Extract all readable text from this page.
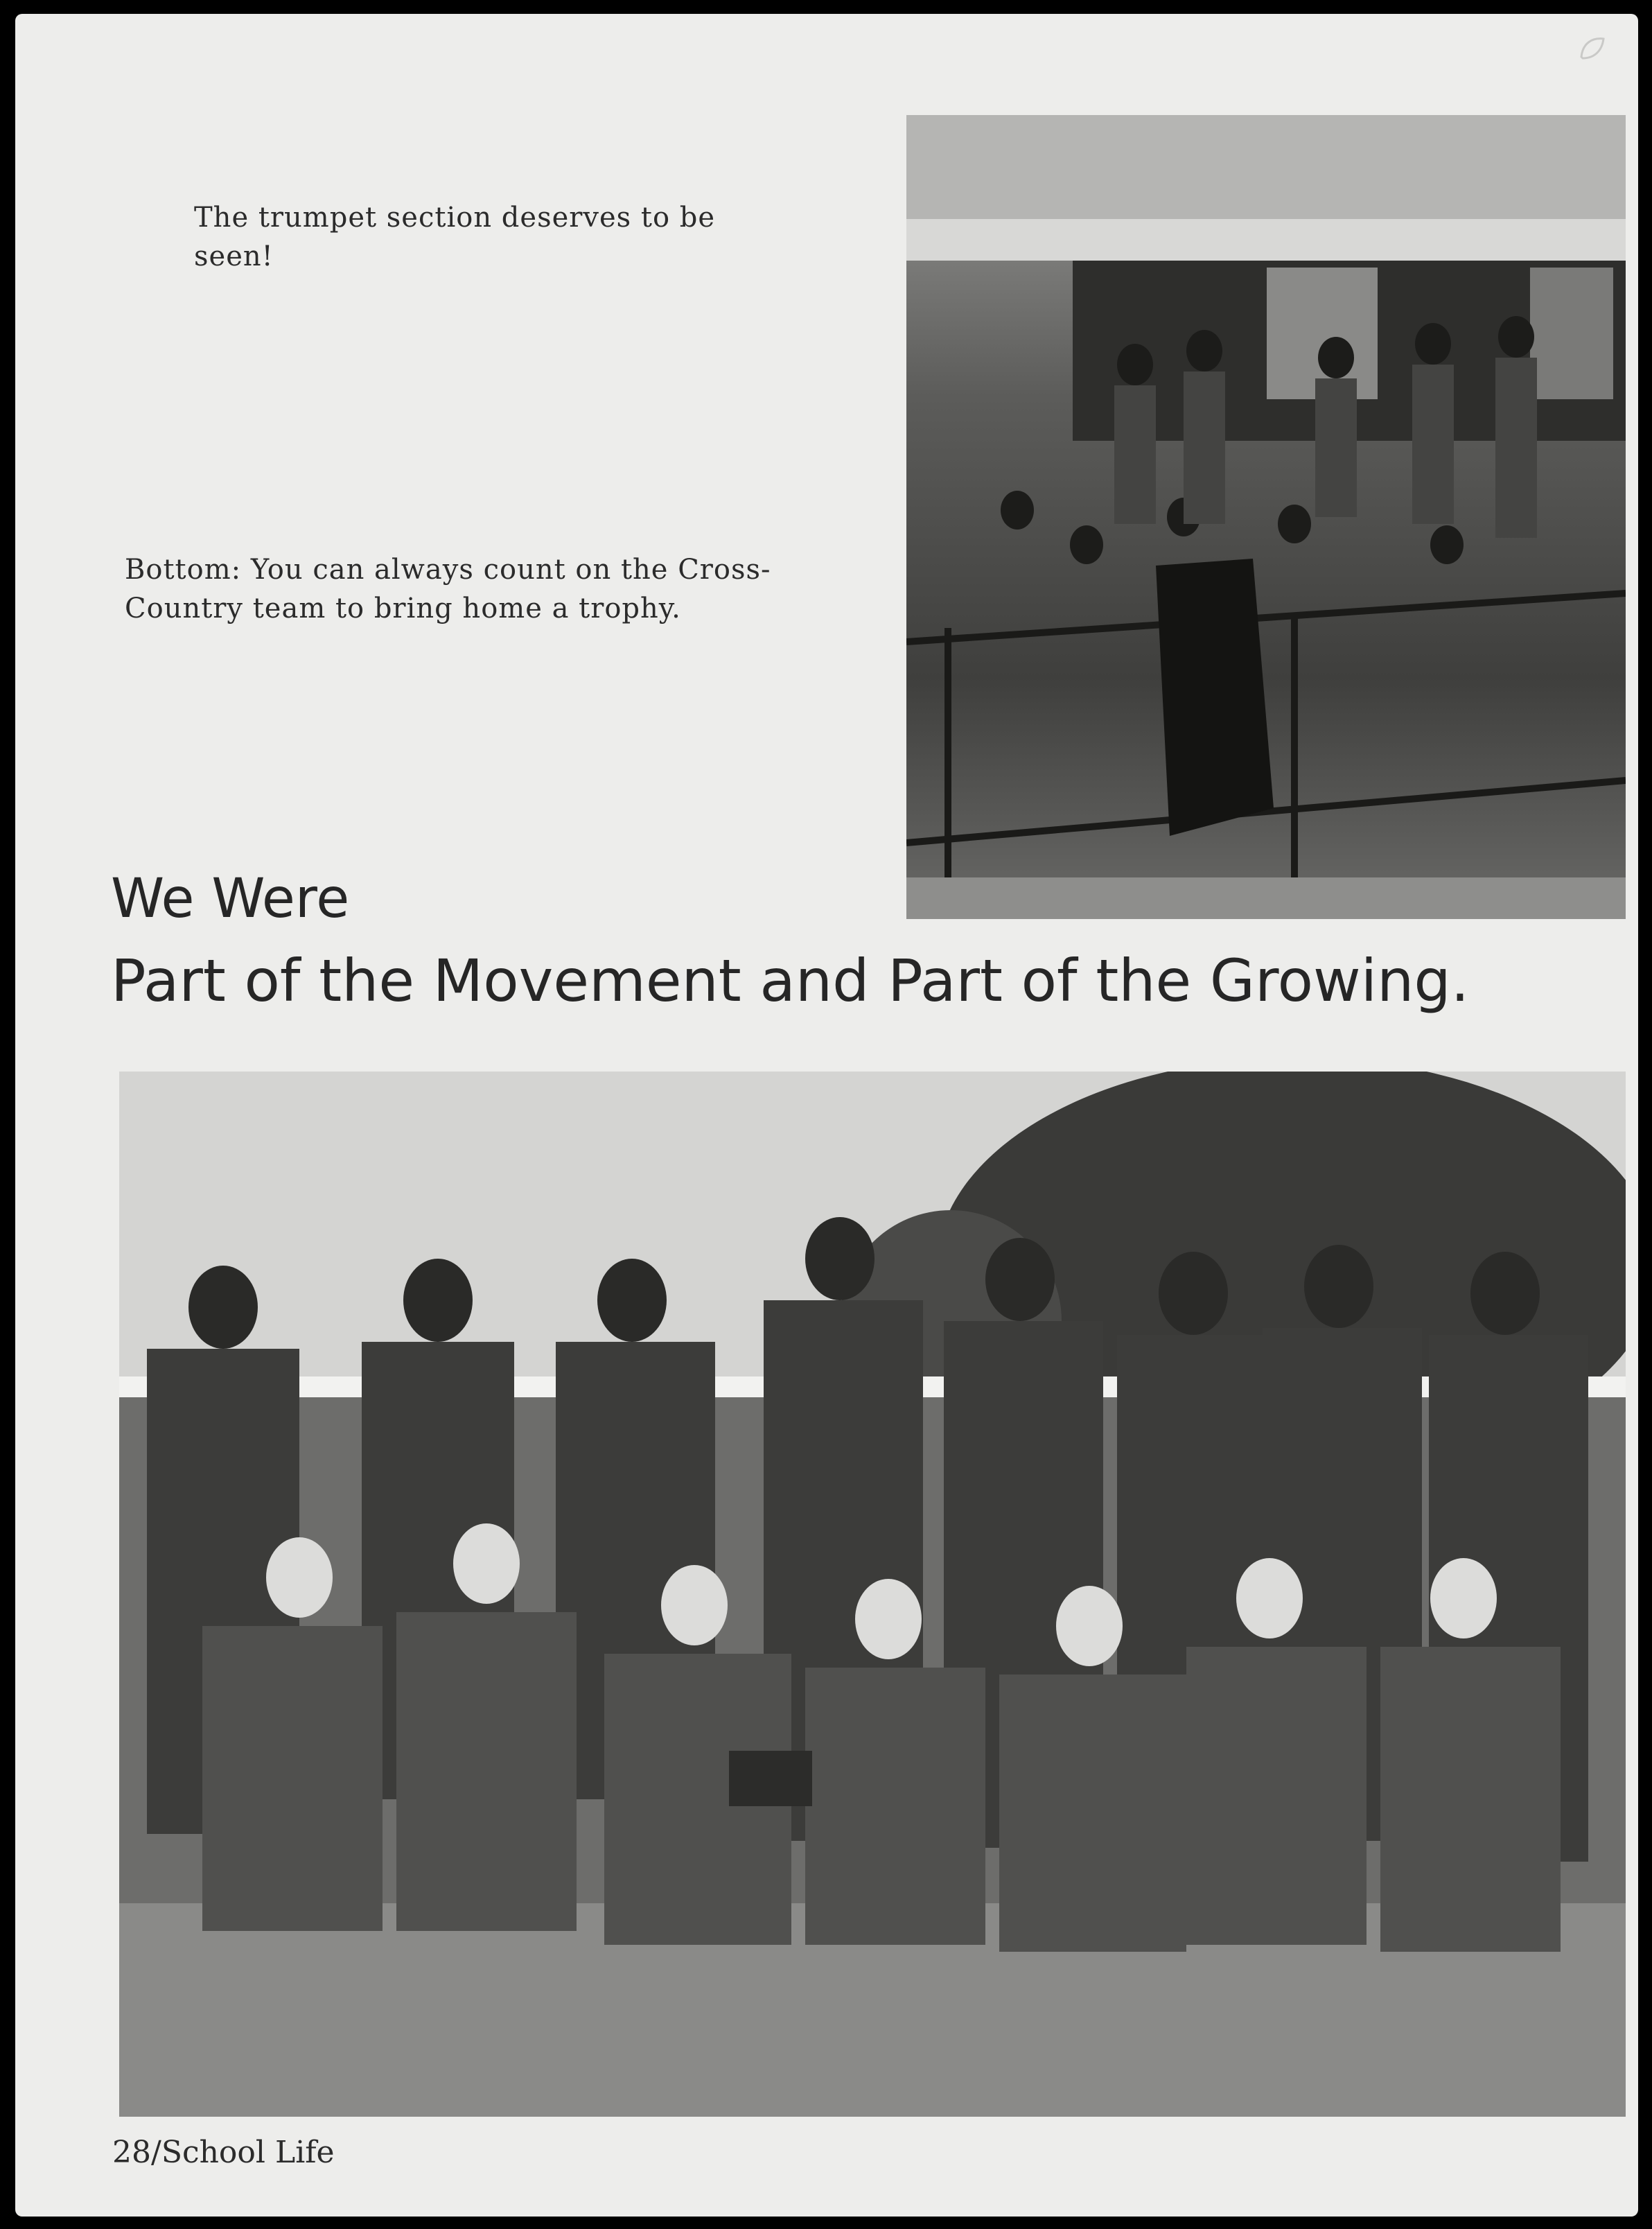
The trumpet section deserves to be seen!
Bottom: You can always count on the Cross-Country team to bring home a trophy.
We Were
Part of the Movement and Part of the Growing.
28/School Life
